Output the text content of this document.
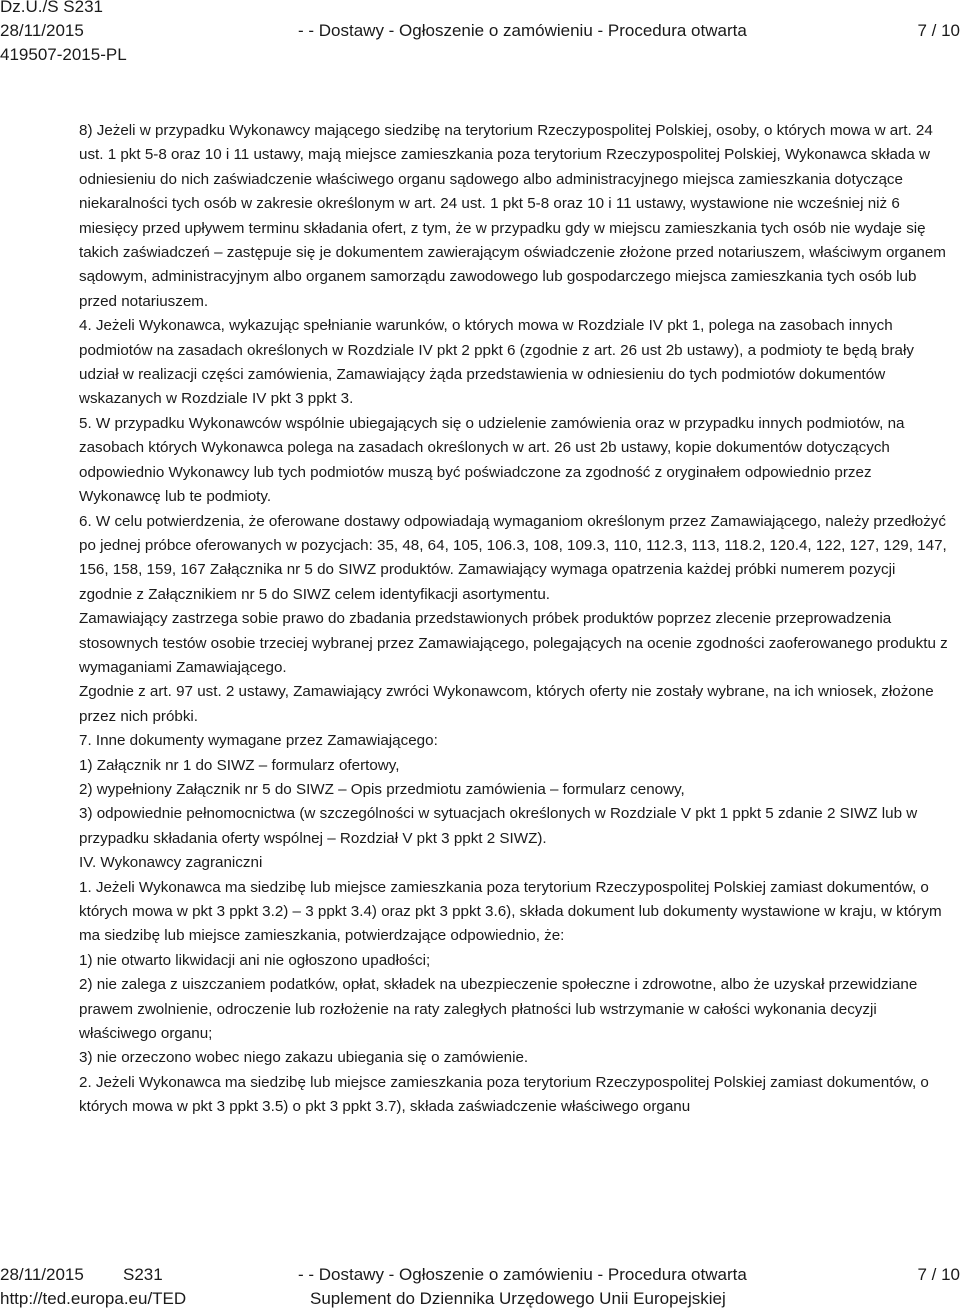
Dz.U./S S231
28/11/2015	- - Dostawy - Ogłoszenie o zamówieniu - Procedura otwarta	7 / 10
419507-2015-PL

8) Jeżeli w przypadku Wykonawcy mającego siedzibę na terytorium Rzeczypospolitej Polskiej, osoby, o których mowa w art. 24 ust. 1 pkt 5-8 oraz 10 i 11 ustawy, mają miejsce zamieszkania poza terytorium Rzeczypospolitej Polskiej, Wykonawca składa w odniesieniu do nich zaświadczenie właściwego organu sądowego albo administracyjnego miejsca zamieszkania dotyczące niekaralności tych osób w zakresie określonym w art. 24 ust. 1 pkt 5-8 oraz 10 i 11 ustawy, wystawione nie wcześniej niż 6 miesięcy przed upływem terminu składania ofert, z tym, że w przypadku gdy w miejscu zamieszkania tych osób nie wydaje się takich zaświadczeń – zastępuje się je dokumentem zawierającym oświadczenie złożone przed notariuszem, właściwym organem sądowym, administracyjnym albo organem samorządu zawodowego lub gospodarczego miejsca zamieszkania tych osób lub przed notariuszem.

4. Jeżeli Wykonawca, wykazując spełnianie warunków, o których mowa w Rozdziale IV pkt 1, polega na zasobach innych podmiotów na zasadach określonych w Rozdziale IV pkt 2 ppkt 6 (zgodnie z art. 26 ust 2b ustawy), a podmioty te będą brały udział w realizacji części zamówienia, Zamawiający żąda przedstawienia w odniesieniu do tych podmiotów dokumentów wskazanych w Rozdziale IV pkt 3 ppkt 3.

5. W przypadku Wykonawców wspólnie ubiegających się o udzielenie zamówienia oraz w przypadku innych podmiotów, na zasobach których Wykonawca polega na zasadach określonych w art. 26 ust 2b ustawy, kopie dokumentów dotyczących odpowiednio Wykonawcy lub tych podmiotów muszą być poświadczone za zgodność z oryginałem odpowiednio przez Wykonawcę lub te podmioty.

6. W celu potwierdzenia, że oferowane dostawy odpowiadają wymaganiom określonym przez Zamawiającego, należy przedłożyć po jednej próbce oferowanych w pozycjach: 35, 48, 64, 105, 106.3, 108, 109.3, 110, 112.3, 113, 118.2, 120.4, 122, 127, 129, 147, 156, 158, 159, 167 Załącznika nr 5 do SIWZ produktów. Zamawiający wymaga opatrzenia każdej próbki numerem pozycji zgodnie z Załącznikiem nr 5 do SIWZ celem identyfikacji asortymentu.

Zamawiający zastrzega sobie prawo do zbadania przedstawionych próbek produktów poprzez zlecenie przeprowadzenia stosownych testów osobie trzeciej wybranej przez Zamawiającego, polegających na ocenie zgodności zaoferowanego produktu z wymaganiami Zamawiającego.

Zgodnie z art. 97 ust. 2 ustawy, Zamawiający zwróci Wykonawcom, których oferty nie zostały wybrane, na ich wniosek, złożone przez nich próbki.

7. Inne dokumenty wymagane przez Zamawiającego:

1) Załącznik nr 1 do SIWZ – formularz ofertowy,

2) wypełniony Załącznik nr 5 do SIWZ – Opis przedmiotu zamówienia – formularz cenowy,

3) odpowiednie pełnomocnictwa (w szczególności w sytuacjach określonych w Rozdziale V pkt 1 ppkt 5 zdanie 2 SIWZ lub w przypadku składania oferty wspólnej – Rozdział V pkt 3 ppkt 2 SIWZ).

IV. Wykonawcy zagraniczni

1. Jeżeli Wykonawca ma siedzibę lub miejsce zamieszkania poza terytorium Rzeczypospolitej Polskiej zamiast dokumentów, o których mowa w pkt 3 ppkt 3.2) – 3 ppkt 3.4) oraz pkt 3 ppkt 3.6), składa dokument lub dokumenty wystawione w kraju, w którym ma siedzibę lub miejsce zamieszkania, potwierdzające odpowiednio, że:

1) nie otwarto likwidacji ani nie ogłoszono upadłości;

2) nie zalega z uiszczaniem podatków, opłat, składek na ubezpieczenie społeczne i zdrowotne, albo że uzyskał przewidziane prawem zwolnienie, odroczenie lub rozłożenie na raty zaległych płatności lub wstrzymanie w całości wykonania decyzji właściwego organu;

3) nie orzeczono wobec niego zakazu ubiegania się o zamówienie.

2. Jeżeli Wykonawca ma siedzibę lub miejsce zamieszkania poza terytorium Rzeczypospolitej Polskiej zamiast dokumentów, o których mowa w pkt 3 ppkt 3.5) o pkt 3 ppkt 3.7), składa zaświadczenie właściwego organu

28/11/2015 S231	- - Dostawy - Ogłoszenie o zamówieniu - Procedura otwarta	7 / 10
http://ted.europa.eu/TED	Suplement do Dziennika Urzędowego Unii Europejskiej
